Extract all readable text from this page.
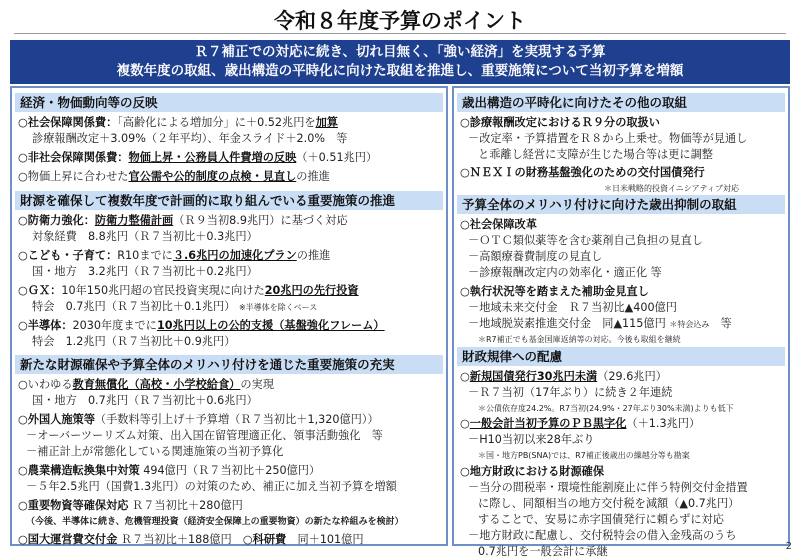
令和８年度予算のポイント
Ｒ７補正での対応に続き、切れ目無く、「強い経済」を実現する予算
複数年度の取組、歳出構造の平時化に向けた取組を推進し、重要施策について当初予算を増額
経済・物価動向等の反映
○社会保障関係費：「高齢化による増加分」に＋0.52兆円を加算
診療報酬改定＋3.09%（２年平均）、年金スライド＋2.0%　等
○非社会保障関係費：物価上昇・公務員人件費増の反映（＋0.51兆円）
○物価上昇に合わせた官公需や公的制度の点検・見直しの推進
財源を確保して複数年度で計画的に取り組んでいる重要施策の推進
○防衛力強化：防衛力整備計画（Ｒ９当初8.9兆円）に基づく対応
対象経費　8.8兆円（Ｒ７当初比＋0.3兆円）
○こども・子育て：R10までに３.6兆円の加速化プランの推進
国・地方　3.2兆円（Ｒ７当初比＋0.2兆円）
○ＧＸ：10年150兆円超の官民投資実現に向けた20兆円の先行投資
特会　0.7兆円（Ｒ７当初比＋0.1兆円） ※半導体を除くベース
○半導体：2030年度までに10兆円以上の公的支援（基盤強化フレーム）
特会　1.2兆円（Ｒ７当初比＋0.9兆円）
新たな財源確保や予算全体のメリハリ付けを通じた重要施策の充実
○いわゆる教育無償化（高校・小学校給食）の実現
国・地方　0.7兆円（Ｒ７当初比＋0.6兆円）
○外国人施策等（手数料等引上げ＋予算増（Ｒ７当初比＋1,320億円））
－オーバーツーリズム対策、出入国在留管理適正化、領事活動強化　等
－補正計上が常態化している関連施策の当初予算化
○農業構造転換集中対策 494億円（Ｒ７当初比＋250億円）
－５年2.5兆円（国費1.3兆円）の対策のため、補正に加え当初予算を増額
○重要物資等確保対応 Ｒ７当初比＋280億円
（今後、半導体に続き、危機管理投資（経済安全保障上の重要物資）の新たな枠組みを検討）
○国大運営費交付金 Ｒ７当初比＋188億円　 ○科研費　 同＋101億円
歳出構造の平時化に向けたその他の取組
○診療報酬改定におけるＲ９分の取扱い
－改定率・予算措置をＲ８から上乗せ。物価等が見通し
と乖離し経営に支障が生じた場合等は更に調整
○ＮＥＸＩの財務基盤強化のための交付国債発行
＊日米戦略的投資イニシアティブ対応
予算全体のメリハリ付けに向けた歳出抑制の取組
○社会保障改革
－ＯＴＣ類似薬等を含む薬剤自己負担の見直し
－高額療養費制度の見直し
－診療報酬改定内の効率化・適正化 等
○執行状況等を踏まえた補助金見直し
－地域未来交付金　Ｒ７当初比▲400億円
－地域脱炭素推進交付金　同▲115億円 ＊特会込み　 等
＊R7補正でも基金国庫返納等の対応。今後も取組を継続
財政規律への配慮
○新規国債発行30兆円未満（29.6兆円）
－Ｒ７当初（17年ぶり）に続き２年連続
＊公債依存度24.2%。R7当初(24.9%・27年ぶり30%未満)よりも低下
○一般会計当初予算のＰＢ黒字化（＋1.3兆円）
－H10当初以来28年ぶり
＊国・地方PB(SNA)では、R7補正後歳出の繰越分等も勘案
○地方財政における財源確保
－当分の間税率・環境性能割廃止に伴う特例交付金措置
に際し、同額相当の地方交付税を減額（▲0.7兆円）
することで、安易に赤字国債発行に頼らずに対応
－地方財政に配慮し、交付税特会の借入金残高のうち
0.7兆円を一般会計に承継	2
